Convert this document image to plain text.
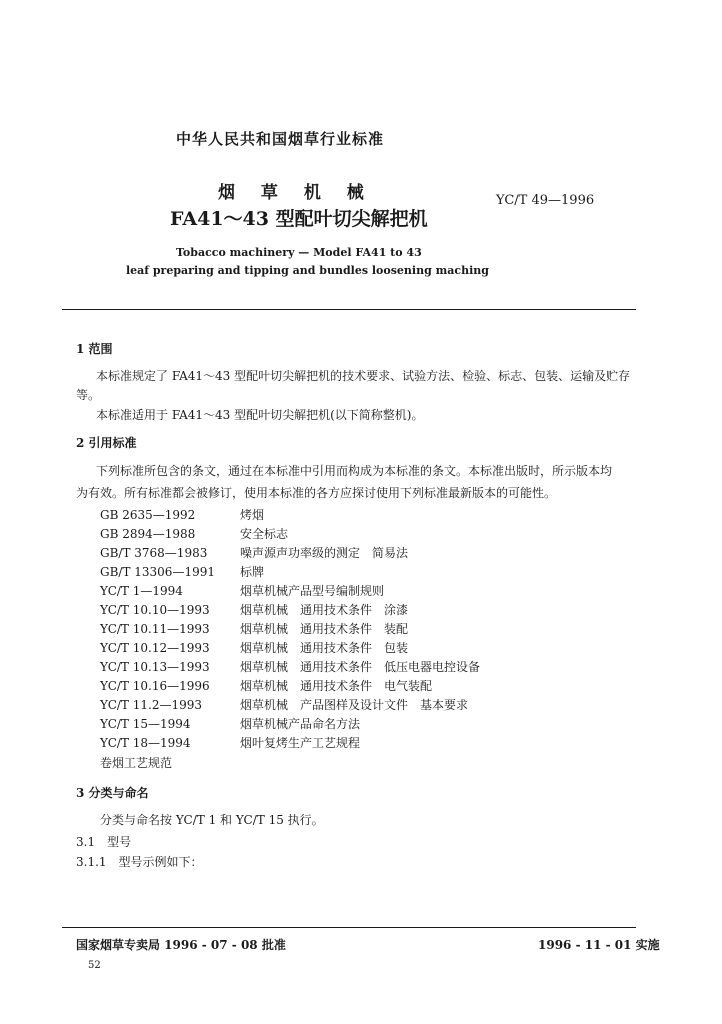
中华人民共和国烟草行业标准
烟 草 机 械
FA41～43 型配叶切尖解把机
YC/T 49—1996
Tobacco machinery — Model FA41 to 43
leaf preparing and tipping and bundles loosening maching
1 范围
本标准规定了 FA41～43 型配叶切尖解把机的技术要求、试验方法、检验、标志、包装、运输及贮存
等。
本标准适用于 FA41～43 型配叶切尖解把机(以下简称整机)。
2 引用标准
下列标准所包含的条文，通过在本标准中引用而构成为本标准的条文。本标准出版时，所示版本均
为有效。所有标准都会被修订，使用本标准的各方应探讨使用下列标准最新版本的可能性。
GB 2635—1992	烤烟
GB 2894—1988	安全标志
GB/T 3768—1983	噪声源声功率级的测定　简易法
GB/T 13306—1991 标牌
YC/T 1—1994	烟草机械产品型号编制规则
YC/T 10.10—1993	烟草机械　通用技术条件　涂漆
YC/T 10.11—1993	烟草机械　通用技术条件　装配
YC/T 10.12—1993	烟草机械　通用技术条件　包装
YC/T 10.13—1993	烟草机械　通用技术条件　低压电器电控设备
YC/T 10.16—1996	烟草机械　通用技术条件　电气装配
YC/T 11.2—1993	烟草机械　产品图样及设计文件　基本要求
YC/T 15—1994	烟草机械产品命名方法
YC/T 18—1994	烟叶复烤生产工艺规程
卷烟工艺规范
3 分类与命名
分类与命名按 YC/T 1 和 YC/T 15 执行。
3.1　型号
3.1.1　型号示例如下：
国家烟草专卖局 1996 - 07 - 08 批准	1996 - 11 - 01 实施
52
